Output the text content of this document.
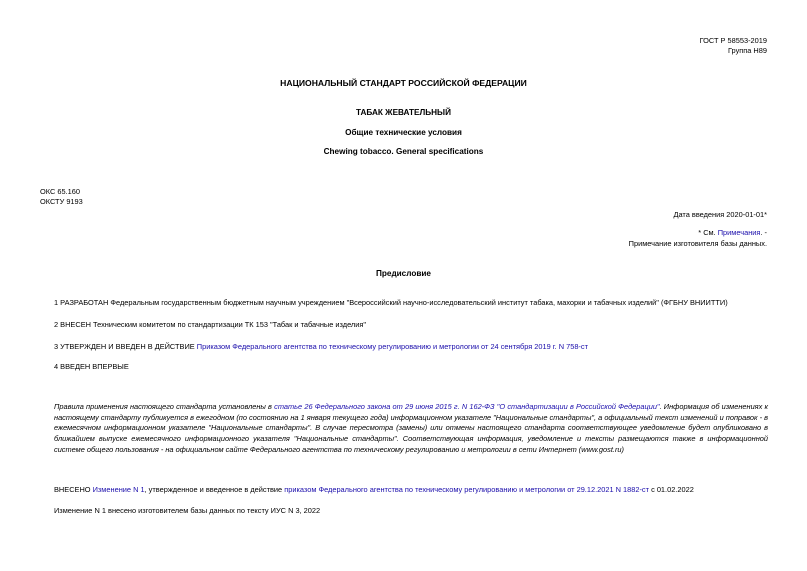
ГОСТ Р 58553-2019
Группа Н89
НАЦИОНАЛЬНЫЙ СТАНДАРТ РОССИЙСКОЙ ФЕДЕРАЦИИ
ТАБАК ЖЕВАТЕЛЬНЫЙ
Общие технические условия
Chewing tobacco. General specifications
ОКС 65.160
ОКСТУ 9193
Дата введения 2020-01-01*
* См. Примечания. -
Примечание изготовителя базы данных.
Предисловие
1 РАЗРАБОТАН Федеральным государственным бюджетным научным учреждением "Всероссийский научно-исследовательский институт табака, махорки и табачных изделий" (ФГБНУ ВНИИТТИ)
2 ВНЕСЕН Техническим комитетом по стандартизации ТК 153 "Табак и табачные изделия"
3 УТВЕРЖДЕН И ВВЕДЕН В ДЕЙСТВИЕ Приказом Федерального агентства по техническому регулированию и метрологии от 24 сентября 2019 г. N 758-ст
4 ВВЕДЕН ВПЕРВЫЕ
Правила применения настоящего стандарта установлены в статье 26 Федерального закона от 29 июня 2015 г. N 162-ФЗ "О стандартизации в Российской Федерации". Информация об изменениях к настоящему стандарту публикуется в ежегодном (по состоянию на 1 января текущего года) информационном указателе "Национальные стандарты", а официальный текст изменений и поправок - в ежемесячном информационном указателе "Национальные стандарты". В случае пересмотра (замены) или отмены настоящего стандарта соответствующее уведомление будет опубликовано в ближайшем выпуске ежемесячного информационного указателя "Национальные стандарты". Соответствующая информация, уведомление и тексты размещаются также в информационной системе общего пользования - на официальном сайте Федерального агентства по техническому регулированию и метрологии в сети Интернет (www.gost.ru)
ВНЕСЕНО Изменение N 1, утвержденное и введенное в действие приказом Федерального агентства по техническому регулированию и метрологии от 29.12.2021 N 1882-ст с 01.02.2022
Изменение N 1 внесено изготовителем базы данных по тексту ИУС N 3, 2022
